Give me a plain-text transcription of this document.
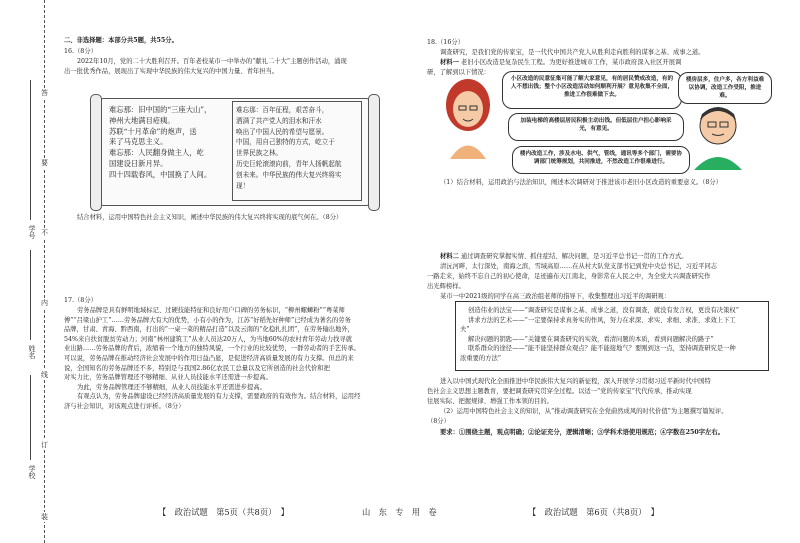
答
要
不
内
线
订
装
学号
姓名
学校
二、非选择题：本部分共5题，共55分。
16.（8分）
2022年10月，党的二十大胜利召开。百年老校某市一中举办的“献礼二十大”主题创作活动，涌现
出一批优秀作品，展现出了实现中华民族的伟大复兴的中国力量、青年担当。
难忘那：旧中国的“三座大山”，
神州大地满目疮痍。
苏联“十月革命”的炮声，送
来了马克思主义。
难忘那：人民翻身做主人，屹
国建设日新月异。
四十四载春风，中国换了人间。
难忘那：百年征程，艰苦奋斗，
洒满了共产党人的泪水和汗水
唤出了中国人民的希望与愿景。
中国，用自己独特的方式，屹立于
世界民族之林。
历史巨轮滚滚向前，青年人扬帆起航
创未来。中华民族的伟大复兴终将实
现！
结合材料，运用中国特色社会主义知识，阐述中华民族的伟大复兴终将实现的底气何在。（8分）
17.（8分）
劳务品牌是具有鲜明地域标记、过硬技能特征和良好用户口碑的劳务标识，“柳州螺蛳粉”“粤菜师
傅”“吕梁山护工”……劳务品牌大有大的优势，小有小的作为，江苏“好稻先好种师”已经成为著名的劳务
品牌，甘肃、青海、黔西南，打出的“一桌一菜的精品打造”以及云南的“化稳扎扎团”，在劳务输出地外，
54%来自扶贫脱贫劳动力；河南“林州建筑工”从业人员达20万人，为当地60%的农村青年劳动力找寻就
业出路……劳务品牌的背后，浓缩着一个地方的独特风貌，一个行业的比较优势，一群劳动者的手艺传承。
可以说，劳务品牌在推动经济社会发展中的作用日益凸显，是促进经济高质量发展的有力支撑。但总的来
说，全国知名的劳务品牌还不多，特别是与我国2.86亿农民工总量以及它所创造的社会代价和把
对实力比，劳务品牌管理还不够精细、从业人员技能水平还需进一步提高。
为此，劳务品牌管理还不够精细，从业人员技能水平还需进步提高。
有观点认为，劳务品牌建设已经经济高质量发展的有力支撑，需要政府的有效作为。结合材料，运用经
济与社会知识，对该观点进行评析。（8分）
【　政治试题　第5页（共8页）　】	山　东　专　用　卷	【　政治试题　第6页（共8页）　】
18.（16分）
调查研究，是我们党的传家宝，是一代代中国共产党人从胜利走向胜利的谋事之基、成事之道。
材料一 老旧小区改造是复杂民生工程。为更好推进城市工作，某市政府深入社区开展调
研，了解到以下情况：
小区改造的民意征集可能了解大家意见，有的居民赞成改造，有的人不想出钱；整个小区改造活动如何顺利开展？意见收集不全面，推进工作很难做下去。
楼房层多，住户多，各方利益难以协调，改造工作受阻，推进难。
加装电梯的高楼层居民积极主动出钱。但低层住户担心影响采光，有意见。
楼内改造工作，涉及水电、供气，管线，通讯等多个部门，需要协调部门统筹规划，共同推进，不然改造工作很难进行。
（1）结合材料，运用政治与法治知识，阐述本次调研对于推进该市老旧小区改造的重要意义。（8分）
材料二 通过调查研究掌握实情、抓住症结、解决问题，是习近平总书记一贯的工作方式。
清沅河畔，太行深处，南海之滨，雪域高原……在从村大队党支部书记到党中央总书记，习近平同志
一路走来，始终不忘自己的初心使命，足迹遍布天江南北，身影常在人民之中，为全党大兴调查研究作
出光辉榜样。
某市一中2021级的同学在高三政治组老师的指导下，收集整理出习近平的调研观：
创造伟业的法宝——“调查研究是谋事之基、成事之道，没有调查，就没有发言权，更没有决策权”
讲求方法的艺术——“一定要保持求真务实的作风，努力在求深、求实、求细、求准、求效上下工
夫”
解决问题的钥匙——“关键要在调查研究的实效，看清问题的本质，看到问题解决的路子”
联系群众的途径——“能不能坚持群众观点？能不能接地气？要刚到这一点，坚持调查研究是一种
浓重要的方法”
进入以中国式现代化全面推进中华民族伟大复兴的新征程，深入开展学习贯彻习近平新时代中国特
色社会主义思想主题教育，要把调查研究贯穿全过程。以适一“党的传家宝”代代传承，推动实现
往展实际、把握规律、增强工作本领的目的。
（2）运用中国特色社会主义的知识，从“推动调查研究在全党蔚然成风的时代价值”为主题撰写篇短评。
（8分）
要求：①围绕主题，观点明确；②论证充分，逻辑清晰；③学科术语使用规范；④字数在250字左右。
